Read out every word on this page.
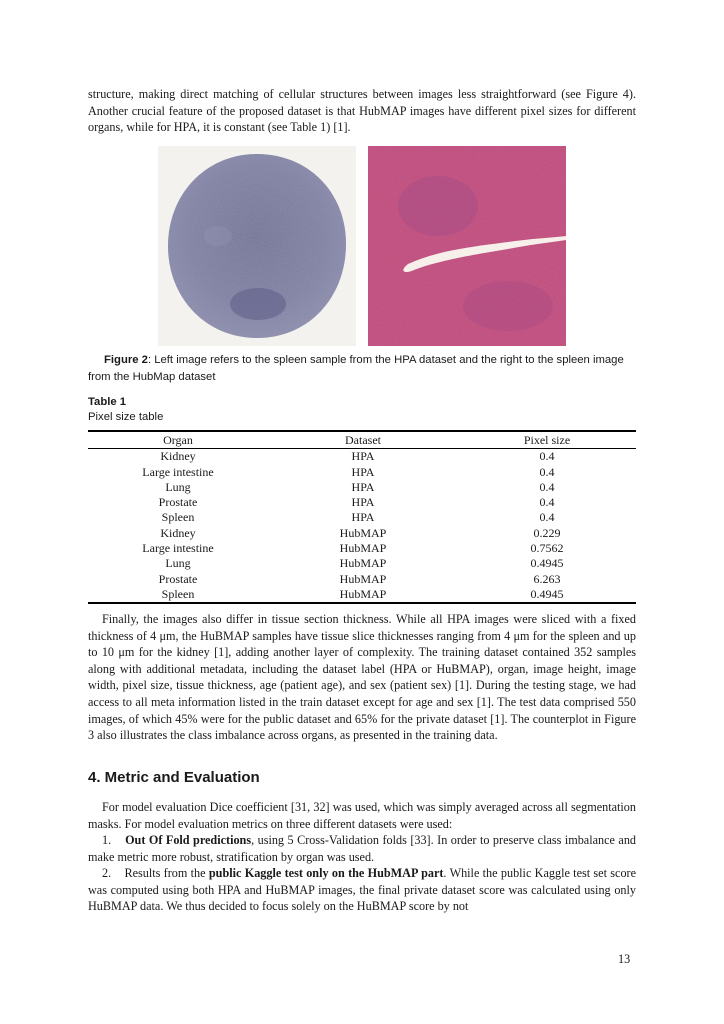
structure, making direct matching of cellular structures between images less straightforward (see Figure 4). Another crucial feature of the proposed dataset is that HubMAP images have different pixel sizes for different organs, while for HPA, it is constant (see Table 1) [1].
Figure 2: Left image refers to the spleen sample from the HPA dataset and the right to the spleen image from the HubMap dataset
Table 1
Pixel size table
Organ	Dataset	Pixel size
Kidney	HPA	0.4
Large intestine	HPA	0.4
Lung	HPA	0.4
Prostate	HPA	0.4
Spleen	HPA	0.4
Kidney	HubMAP	0.229
Large intestine	HubMAP	0.7562
Lung	HubMAP	0.4945
Prostate	HubMAP	6.263
Spleen	HubMAP	0.4945
Finally, the images also differ in tissue section thickness. While all HPA images were sliced with a fixed thickness of 4 μm, the HuBMAP samples have tissue slice thicknesses ranging from 4 μm for the spleen and up to 10 μm for the kidney [1], adding another layer of complexity. The training dataset contained 352 samples along with additional metadata, including the dataset label (HPA or HuBMAP), organ, image height, image width, pixel size, tissue thickness, age (patient age), and sex (patient sex) [1]. During the testing stage, we had access to all meta information listed in the train dataset except for age and sex [1]. The test data comprised 550 images, of which 45% were for the public dataset and 65% for the private dataset [1]. The counterplot in Figure 3 also illustrates the class imbalance across organs, as presented in the training data.
4. Metric and Evaluation
For model evaluation Dice coefficient [31, 32] was used, which was simply averaged across all segmentation masks. For model evaluation metrics on three different datasets were used:
1. Out Of Fold predictions, using 5 Cross-Validation folds [33]. In order to preserve class imbalance and make metric more robust, stratification by organ was used.
2. Results from the public Kaggle test only on the HubMAP part. While the public Kaggle test set score was computed using both HPA and HuBMAP images, the final private dataset score was calculated using only HuBMAP data. We thus decided to focus solely on the HuBMAP score by not
13
